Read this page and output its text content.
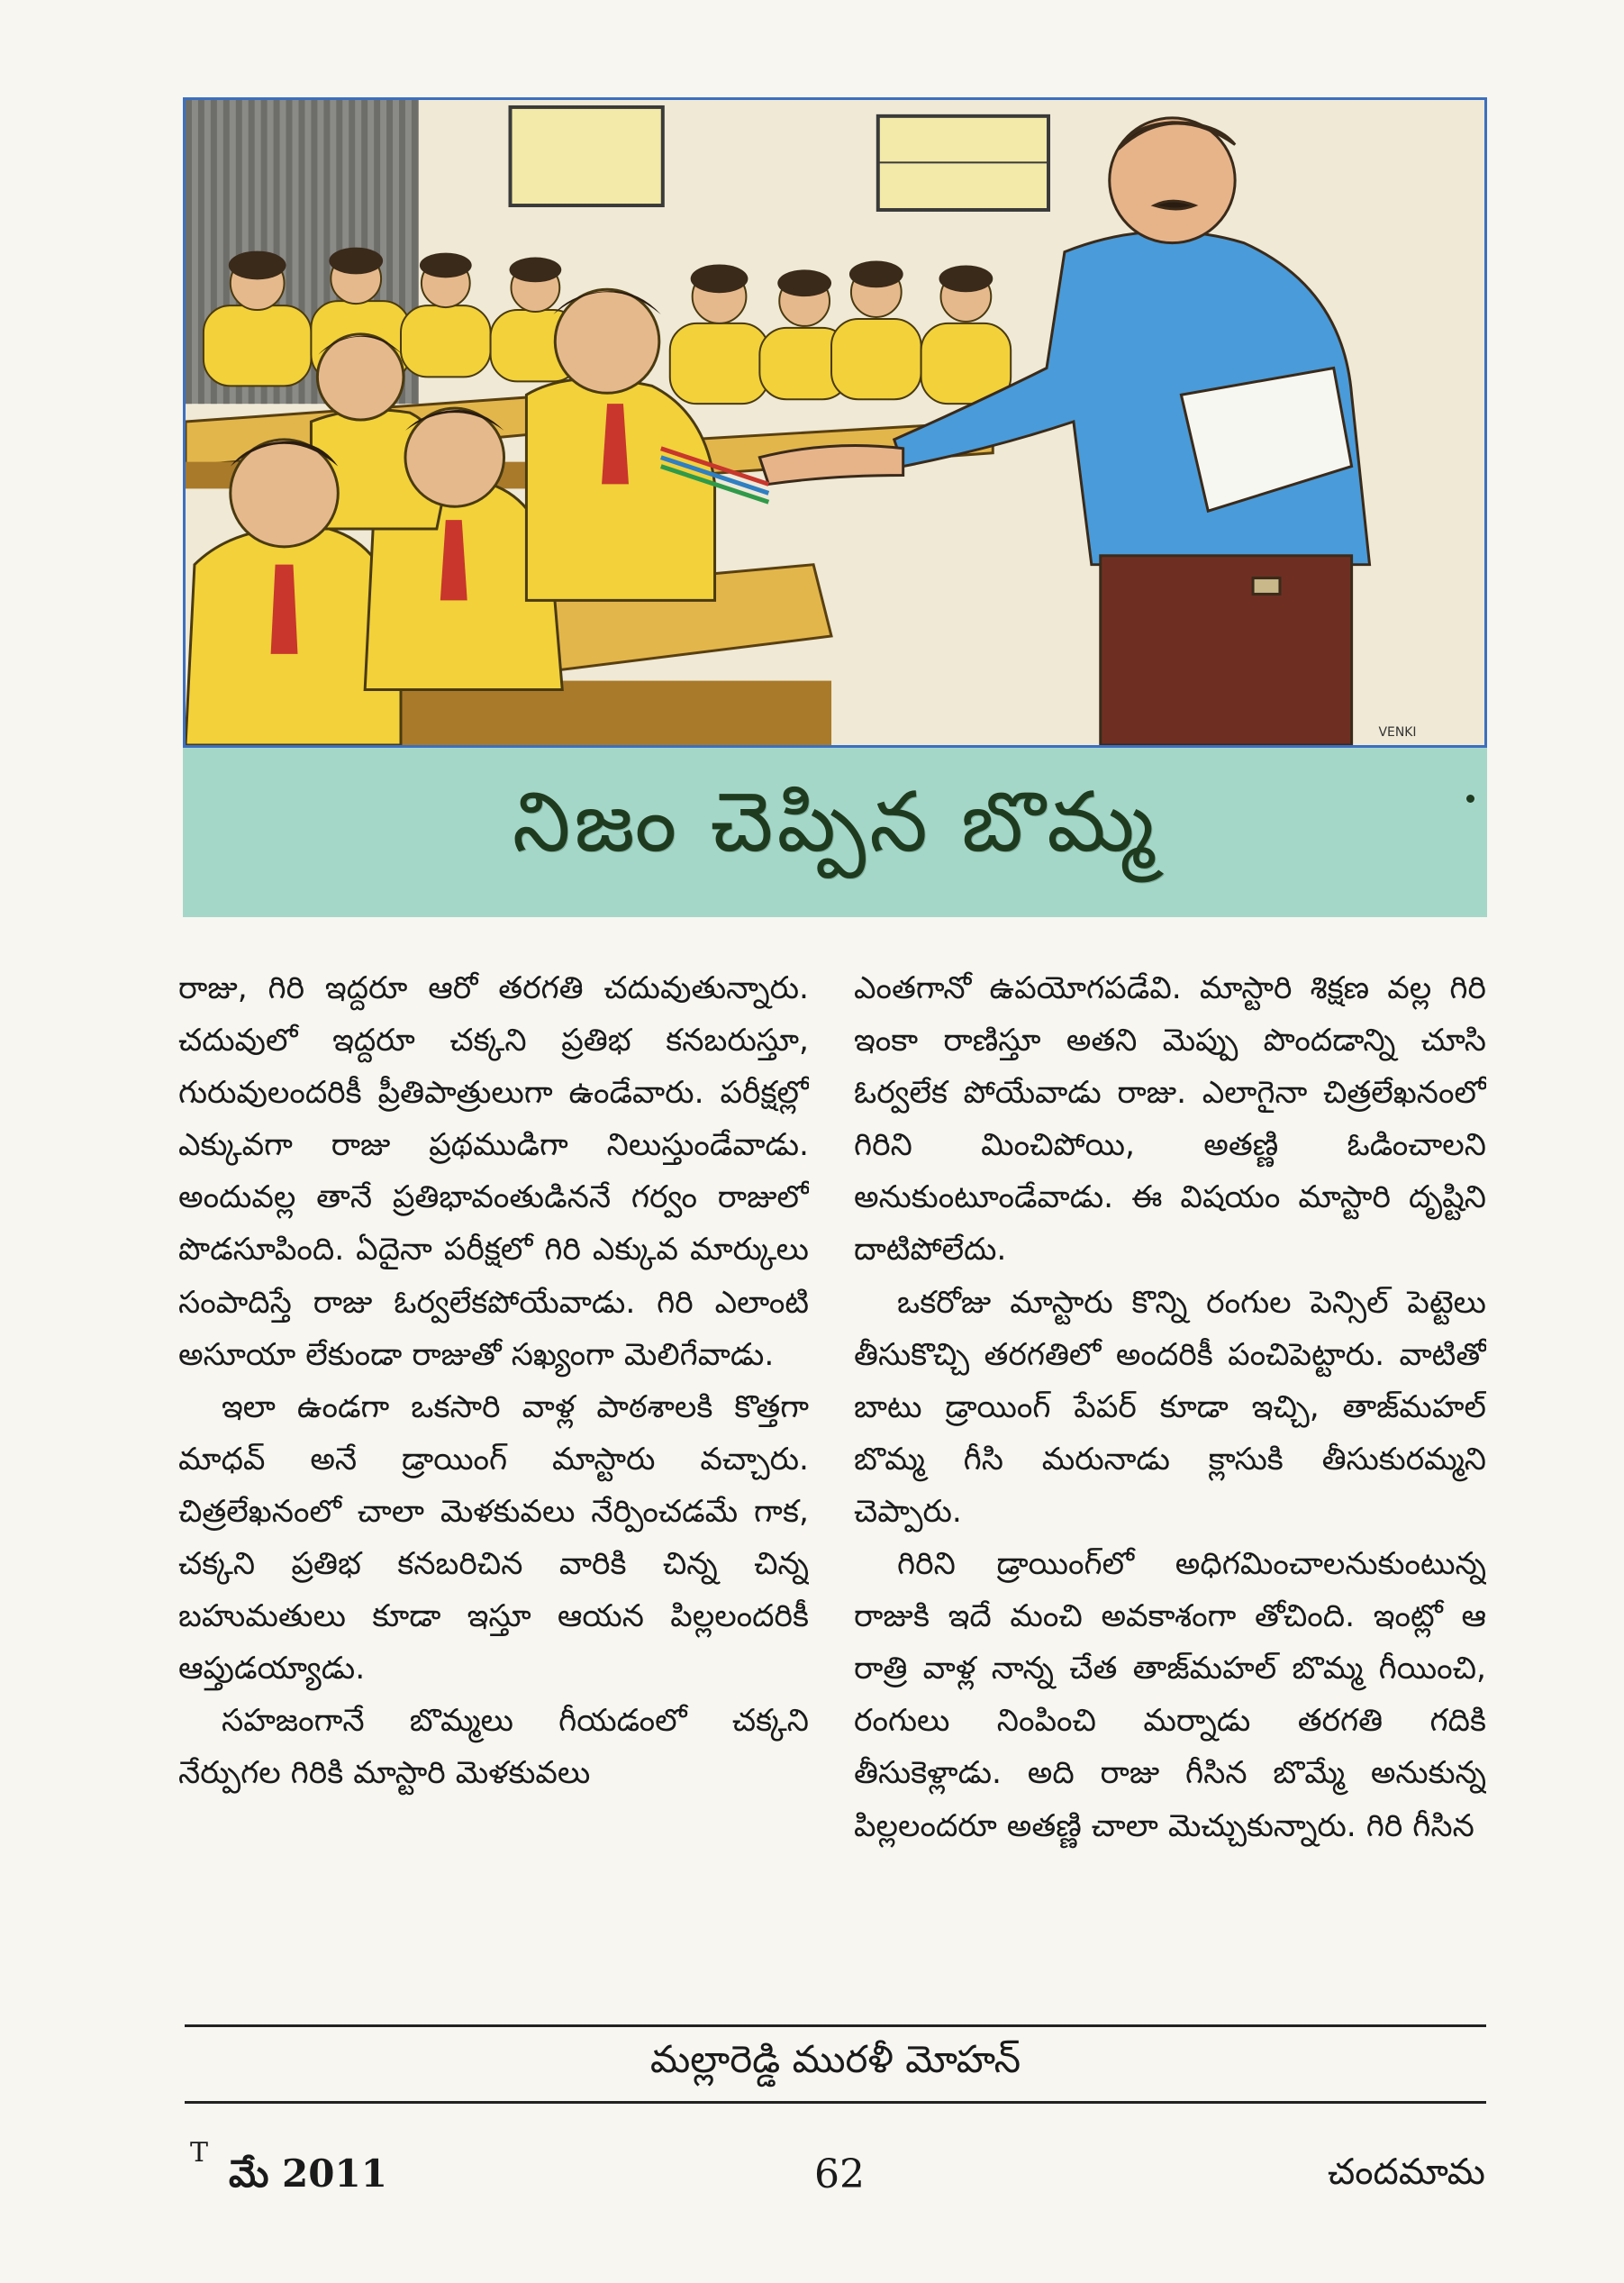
VENKI
నిజం చెప్పిన బొమ్మ

రాజు, గిరి ఇద్దరూ ఆరో తరగతి చదువుతున్నారు. చదువులో ఇద్దరూ చక్కని ప్రతిభ కనబరుస్తూ, గురువులందరికీ ప్రీతిపాత్రులుగా ఉండేవారు. పరీక్షల్లో ఎక్కువగా రాజు ప్రథముడిగా నిలుస్తుండేవాడు. అందువల్ల తానే ప్రతిభావంతుడిననే గర్వం రాజులో పొడసూపింది. ఏదైనా పరీక్షలో గిరి ఎక్కువ మార్కులు సంపాదిస్తే రాజు ఓర్వలేకపోయేవాడు. గిరి ఎలాంటి అసూయా లేకుండా రాజుతో సఖ్యంగా మెలిగేవాడు.

ఇలా ఉండగా ఒకసారి వాళ్ల పాఠశాలకి కొత్తగా మాధవ్ అనే డ్రాయింగ్ మాస్టారు వచ్చారు. చిత్రలేఖనంలో చాలా మెళకువలు నేర్పించడమే గాక, చక్కని ప్రతిభ కనబరిచిన వారికి చిన్న చిన్న బహుమతులు కూడా ఇస్తూ ఆయన పిల్లలందరికీ ఆప్తుడయ్యాడు.

సహజంగానే బొమ్మలు గీయడంలో చక్కని నేర్పుగల గిరికి మాస్టారి మెళకువలు

ఎంతగానో ఉపయోగపడేవి. మాస్టారి శిక్షణ వల్ల గిరి ఇంకా రాణిస్తూ అతని మెప్పు పొందడాన్ని చూసి ఓర్వలేక పోయేవాడు రాజు. ఎలాగైనా చిత్రలేఖనంలో గిరిని మించిపోయి, అతణ్ణి ఓడించాలని అనుకుంటూండేవాడు. ఈ విషయం మాస్టారి దృష్టిని దాటిపోలేదు.

ఒకరోజు మాస్టారు కొన్ని రంగుల పెన్సిల్ పెట్టెలు తీసుకొచ్చి తరగతిలో అందరికీ పంచిపెట్టారు. వాటితో బాటు డ్రాయింగ్ పేపర్ కూడా ఇచ్చి, తాజ్‌మహల్ బొమ్మ గీసి మరునాడు క్లాసుకి తీసుకురమ్మని చెప్పారు.

గిరిని డ్రాయింగ్‌లో అధిగమించాలనుకుంటున్న రాజుకి ఇదే మంచి అవకాశంగా తోచింది. ఇంట్లో ఆ రాత్రి వాళ్ల నాన్న చేత తాజ్‌మహల్ బొమ్మ గీయించి, రంగులు నింపించి మర్నాడు తరగతి గదికి తీసుకెళ్లాడు. అది రాజు గీసిన బొమ్మే అనుకున్న పిల్లలందరూ అతణ్ణి చాలా మెచ్చుకున్నారు. గిరి గీసిన

మల్లారెడ్డి మురళీ మోహన్
T మే 2011	62	చందమామ
